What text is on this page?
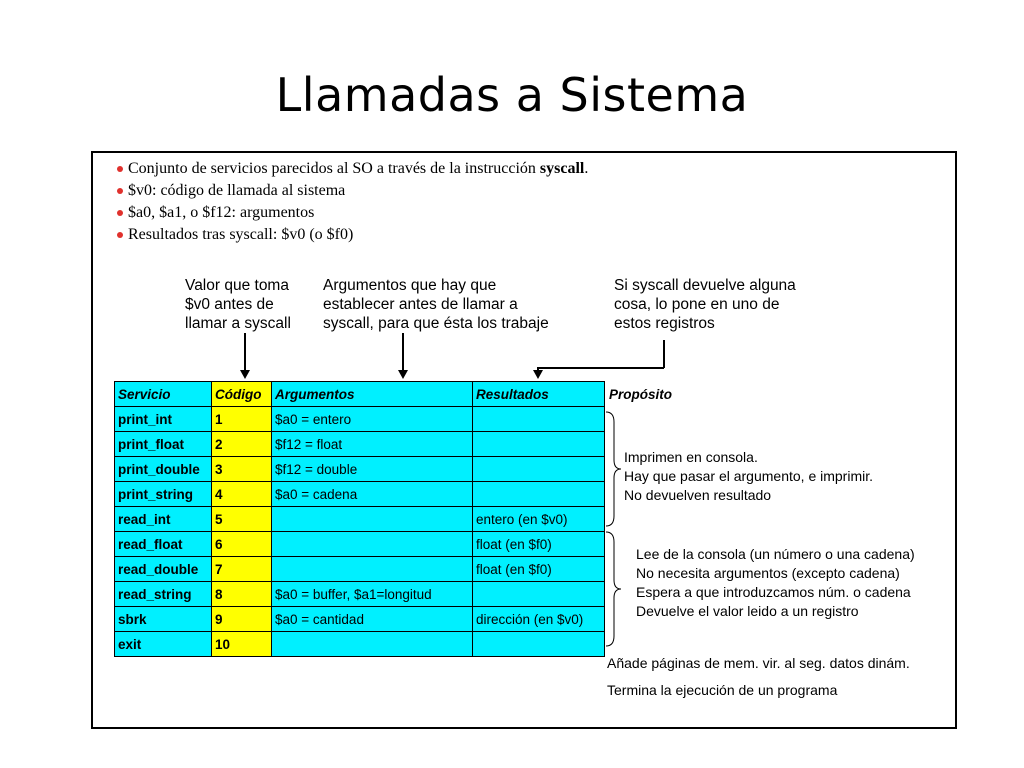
Llamadas a Sistema
Conjunto de servicios parecidos al SO a través de la instrucción syscall.
$v0: código de llamada al sistema
$a0, $a1, o $f12: argumentos
Resultados tras syscall: $v0 (o $f0)
Valor que toma
$v0 antes de
llamar a syscall
Argumentos que hay que
establecer antes de llamar a
syscall, para que ésta los trabaje
Si syscall devuelve alguna
cosa, lo pone en uno de
estos registros
Servicio	Código	Argumentos	Resultados
print_int	1	$a0 = entero	
print_float	2	$f12 = float	
print_double	3	$f12 = double	
print_string	4	$a0 = cadena	
read_int	5		entero (en $v0)
read_float	6		float (en $f0)
read_double	7		float (en $f0)
read_string	8	$a0 = buffer, $a1=longitud	
sbrk	9	$a0 = cantidad	dirección (en $v0)
exit	10		
Propósito
Imprimen en consola.
Hay que pasar el argumento, e imprimir.
No devuelven resultado
Lee de la consola (un número o una cadena)
No necesita argumentos (excepto cadena)
Espera a que introduzcamos núm. o cadena
Devuelve el valor leido a un registro
Añade páginas de mem. vir. al seg. datos dinám.
Termina la ejecución de un programa
